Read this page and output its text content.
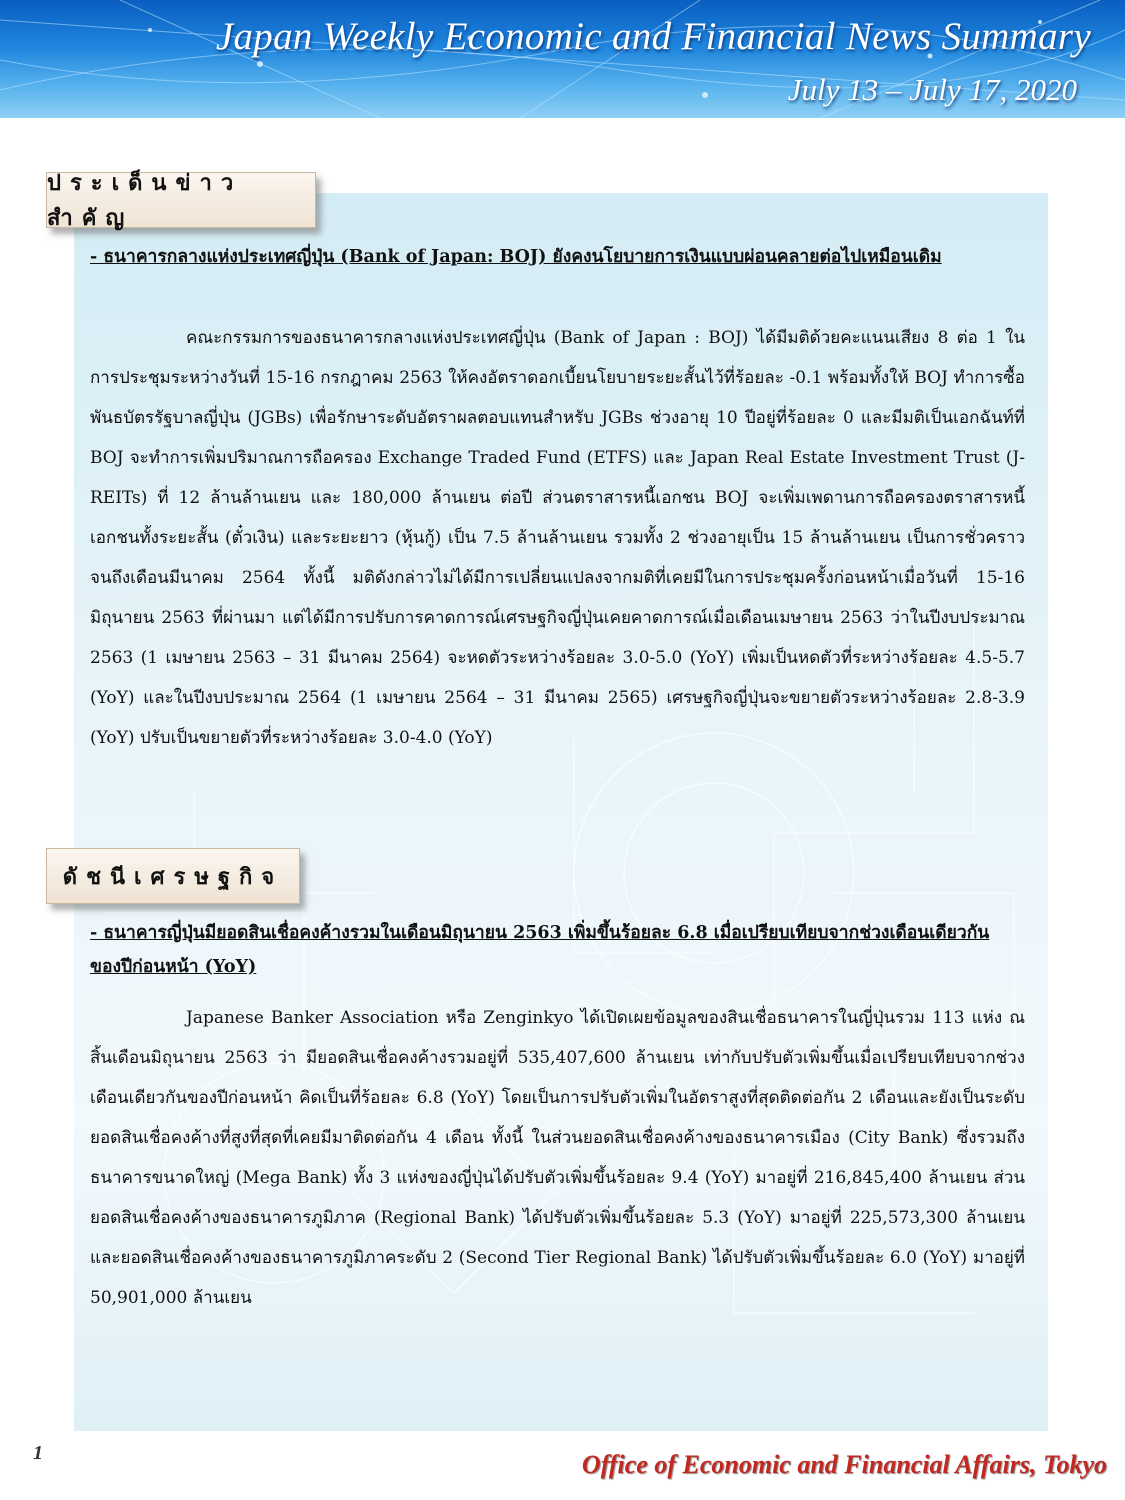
Japan Weekly Economic and Financial News Summary
July 13 – July 17, 2020
ประเด็นข่าวสำคัญ
- ธนาคารกลางแห่งประเทศญี่ปุ่น (Bank of Japan: BOJ) ยังคงนโยบายการเงินแบบผ่อนคลายต่อไปเหมือนเดิม
คณะกรรมการของธนาคารกลางแห่งประเทศญี่ปุ่น (Bank of Japan : BOJ) ได้มีมติด้วยคะแนนเสียง 8 ต่อ 1 ในการประชุมระหว่างวันที่ 15-16 กรกฎาคม 2563 ให้คงอัตราดอกเบี้ยนโยบายระยะสั้นไว้ที่ร้อยละ -0.1 พร้อมทั้งให้ BOJ ทำการซื้อพันธบัตรรัฐบาลญี่ปุ่น (JGBs) เพื่อรักษาระดับอัตราผลตอบแทนสำหรับ JGBs ช่วงอายุ 10 ปีอยู่ที่ร้อยละ 0 และมีมติเป็นเอกฉันท์ที่ BOJ จะทำการเพิ่มปริมาณการถือครอง Exchange Traded Fund (ETFS) และ Japan Real Estate Investment Trust (J-REITs) ที่ 12 ล้านล้านเยน และ 180,000 ล้านเยน ต่อปี ส่วนตราสารหนี้เอกชน BOJ จะเพิ่มเพดานการถือครองตราสารหนี้เอกชนทั้งระยะสั้น (ตั๋วเงิน) และระยะยาว (หุ้นกู้) เป็น 7.5 ล้านล้านเยน รวมทั้ง 2 ช่วงอายุเป็น 15 ล้านล้านเยน เป็นการชั่วคราวจนถึงเดือนมีนาคม 2564 ทั้งนี้ มติดังกล่าวไม่ได้มีการเปลี่ยนแปลงจากมติที่เคยมีในการประชุมครั้งก่อนหน้าเมื่อวันที่ 15-16 มิถุนายน 2563 ที่ผ่านมา แต่ได้มีการปรับการคาดการณ์เศรษฐกิจญี่ปุ่นเคยคาดการณ์เมื่อเดือนเมษายน 2563 ว่าในปีงบประมาณ 2563 (1 เมษายน 2563 – 31 มีนาคม 2564) จะหดตัวระหว่างร้อยละ 3.0-5.0 (YoY) เพิ่มเป็นหดตัวที่ระหว่างร้อยละ 4.5-5.7 (YoY) และในปีงบประมาณ 2564 (1 เมษายน 2564 – 31 มีนาคม 2565) เศรษฐกิจญี่ปุ่นจะขยายตัวระหว่างร้อยละ 2.8-3.9 (YoY) ปรับเป็นขยายตัวที่ระหว่างร้อยละ 3.0-4.0 (YoY)
ดัชนีเศรษฐกิจ
- ธนาคารญี่ปุ่นมียอดสินเชื่อคงค้างรวมในเดือนมิถุนายน 2563 เพิ่มขึ้นร้อยละ 6.8 เมื่อเปรียบเทียบจากช่วงเดือนเดียวกันของปีก่อนหน้า (YoY)
Japanese Banker Association หรือ Zenginkyo ได้เปิดเผยข้อมูลของสินเชื่อธนาคารในญี่ปุ่นรวม 113 แห่ง ณ สิ้นเดือนมิถุนายน 2563 ว่า มียอดสินเชื่อคงค้างรวมอยู่ที่ 535,407,600 ล้านเยน เท่ากับปรับตัวเพิ่มขึ้นเมื่อเปรียบเทียบจากช่วงเดือนเดียวกันของปีก่อนหน้า คิดเป็นที่ร้อยละ 6.8 (YoY) โดยเป็นการปรับตัวเพิ่มในอัตราสูงที่สุดติดต่อกัน 2 เดือนและยังเป็นระดับยอดสินเชื่อคงค้างที่สูงที่สุดที่เคยมีมาติดต่อกัน 4 เดือน ทั้งนี้ ในส่วนยอดสินเชื่อคงค้างของธนาคารเมือง (City Bank) ซึ่งรวมถึงธนาคารขนาดใหญ่ (Mega Bank) ทั้ง 3 แห่งของญี่ปุ่นได้ปรับตัวเพิ่มขึ้นร้อยละ 9.4 (YoY) มาอยู่ที่ 216,845,400 ล้านเยน ส่วนยอดสินเชื่อคงค้างของธนาคารภูมิภาค (Regional Bank) ได้ปรับตัวเพิ่มขึ้นร้อยละ 5.3 (YoY) มาอยู่ที่ 225,573,300 ล้านเยน และยอดสินเชื่อคงค้างของธนาคารภูมิภาคระดับ 2 (Second Tier Regional Bank) ได้ปรับตัวเพิ่มขึ้นร้อยละ 6.0 (YoY) มาอยู่ที่ 50,901,000 ล้านเยน
1	Office of Economic and Financial Affairs, Tokyo
